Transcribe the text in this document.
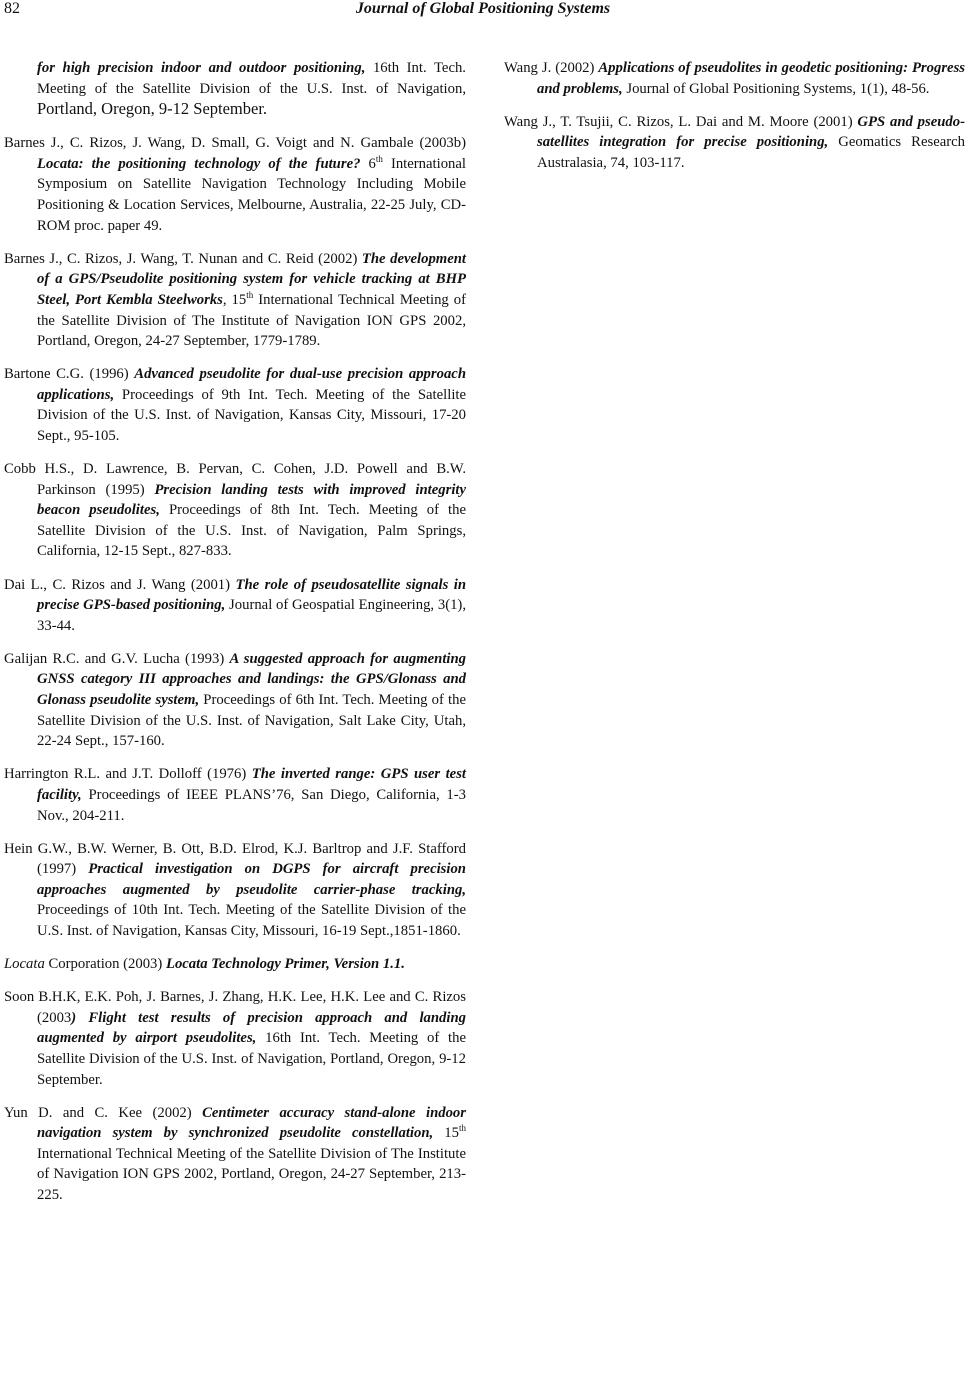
82	Journal of Global Positioning Systems

for high precision indoor and outdoor positioning, 16th Int. Tech. Meeting of the Satellite Division of the U.S. Inst. of Navigation, Portland, Oregon, 9-12 September.

Barnes J., C. Rizos, J. Wang, D. Small, G. Voigt and N. Gambale (2003b) Locata: the positioning technology of the future? 6th International Symposium on Satellite Navigation Technology Including Mobile Positioning & Location Services, Melbourne, Australia, 22-25 July, CD-ROM proc. paper 49.

Barnes J., C. Rizos, J. Wang, T. Nunan and C. Reid (2002) The development of a GPS/Pseudolite positioning system for vehicle tracking at BHP Steel, Port Kembla Steelworks, 15th International Technical Meeting of the Satellite Division of The Institute of Navigation ION GPS 2002, Portland, Oregon, 24-27 September, 1779-1789.

Bartone C.G. (1996) Advanced pseudolite for dual-use precision approach applications, Proceedings of 9th Int. Tech. Meeting of the Satellite Division of the U.S. Inst. of Navigation, Kansas City, Missouri, 17-20 Sept., 95-105.

Cobb H.S., D. Lawrence, B. Pervan, C. Cohen, J.D. Powell and B.W. Parkinson (1995) Precision landing tests with improved integrity beacon pseudolites, Proceedings of 8th Int. Tech. Meeting of the Satellite Division of the U.S. Inst. of Navigation, Palm Springs, California, 12-15 Sept., 827-833.

Dai L., C. Rizos and J. Wang (2001) The role of pseudosatellite signals in precise GPS-based positioning, Journal of Geospatial Engineering, 3(1), 33-44.

Galijan R.C. and G.V. Lucha (1993) A suggested approach for augmenting GNSS category III approaches and landings: the GPS/Glonass and Glonass pseudolite system, Proceedings of 6th Int. Tech. Meeting of the Satellite Division of the U.S. Inst. of Navigation, Salt Lake City, Utah, 22-24 Sept., 157-160.

Harrington R.L. and J.T. Dolloff (1976) The inverted range: GPS user test facility, Proceedings of IEEE PLANS’76, San Diego, California, 1-3 Nov., 204-211.

Hein G.W., B.W. Werner, B. Ott, B.D. Elrod, K.J. Barltrop and J.F. Stafford (1997) Practical investigation on DGPS for aircraft precision approaches augmented by pseudolite carrier-phase tracking, Proceedings of 10th Int. Tech. Meeting of the Satellite Division of the U.S. Inst. of Navigation, Kansas City, Missouri, 16-19 Sept.,1851-1860.

Locata Corporation (2003) Locata Technology Primer, Version 1.1.

Soon B.H.K, E.K. Poh, J. Barnes, J. Zhang, H.K. Lee, H.K. Lee and C. Rizos (2003) Flight test results of precision approach and landing augmented by airport pseudolites, 16th Int. Tech. Meeting of the Satellite Division of the U.S. Inst. of Navigation, Portland, Oregon, 9-12 September.

Yun D. and C. Kee (2002) Centimeter accuracy stand-alone indoor navigation system by synchronized pseudolite constellation, 15th International Technical Meeting of the Satellite Division of The Institute of Navigation ION GPS 2002, Portland, Oregon, 24-27 September, 213-225.

Wang J. (2002) Applications of pseudolites in geodetic positioning: Progress and problems, Journal of Global Positioning Systems, 1(1), 48-56.

Wang J., T. Tsujii, C. Rizos, L. Dai and M. Moore (2001) GPS and pseudo-satellites integration for precise positioning, Geomatics Research Australasia, 74, 103-117.
